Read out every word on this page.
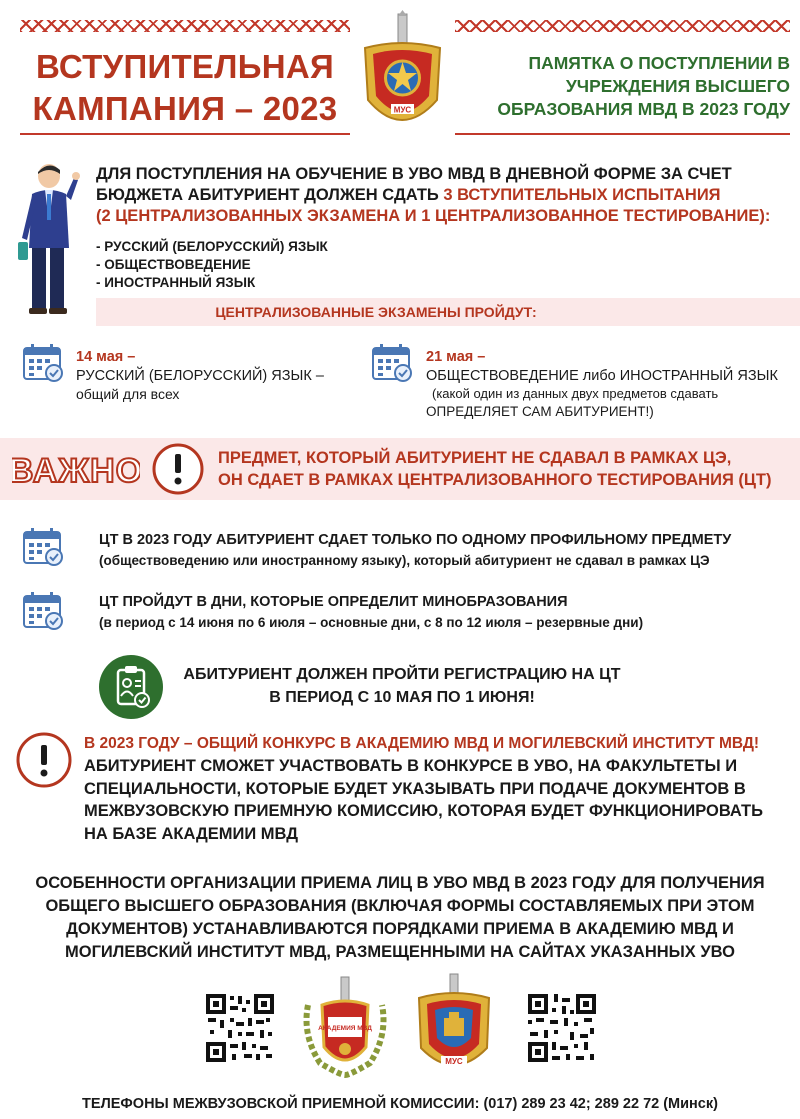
ВСТУПИТЕЛЬНАЯ
КАМПАНИЯ – 2023	МУС
ПАМЯТКА О ПОСТУПЛЕНИИ В
УЧРЕЖДЕНИЯ ВЫСШЕГО
ОБРАЗОВАНИЯ МВД В 2023 ГОДУ
ДЛЯ ПОСТУПЛЕНИЯ НА ОБУЧЕНИЕ В УВО МВД В ДНЕВНОЙ ФОРМЕ ЗА СЧЕТ
БЮДЖЕТА АБИТУРИЕНТ ДОЛЖЕН СДАТЬ 3 ВСТУПИТЕЛЬНЫХ ИСПЫТАНИЯ
(2 ЦЕНТРАЛИЗОВАННЫХ ЭКЗАМЕНА И 1 ЦЕНТРАЛИЗОВАННОЕ ТЕСТИРОВАНИЕ):
- РУССКИЙ (БЕЛОРУССКИЙ) ЯЗЫК
- ОБЩЕСТВОВЕДЕНИЕ
- ИНОСТРАННЫЙ ЯЗЫК
ЦЕНТРАЛИЗОВАННЫЕ ЭКЗАМЕНЫ ПРОЙДУТ:
14 мая –
РУССКИЙ (БЕЛОРУССКИЙ) ЯЗЫК –
общий для всех
21 мая –
ОБЩЕСТВОВЕДЕНИЕ либо ИНОСТРАННЫЙ ЯЗЫК
(какой один из данных двух предметов сдавать
ОПРЕДЕЛЯЕТ САМ АБИТУРИЕНТ!)
ВАЖНО	ПРЕДМЕТ, КОТОРЫЙ АБИТУРИЕНТ НЕ СДАВАЛ В РАМКАХ ЦЭ,
ОН СДАЕТ В РАМКАХ ЦЕНТРАЛИЗОВАННОГО ТЕСТИРОВАНИЯ (ЦТ)
ЦТ В 2023 ГОДУ АБИТУРИЕНТ СДАЕТ ТОЛЬКО ПО ОДНОМУ ПРОФИЛЬНОМУ ПРЕДМЕТУ
(обществоведению или иностранному языку), который абитуриент не сдавал в рамках ЦЭ
ЦТ ПРОЙДУТ В ДНИ, КОТОРЫЕ ОПРЕДЕЛИТ МИНОБРАЗОВАНИЯ
(в период с 14 июня по 6 июля – основные дни, с 8 по 12 июля – резервные дни)
АБИТУРИЕНТ ДОЛЖЕН ПРОЙТИ РЕГИСТРАЦИЮ НА ЦТ
В ПЕРИОД С 10 МАЯ ПО 1 ИЮНЯ!
В 2023 ГОДУ – ОБЩИЙ КОНКУРС В АКАДЕМИЮ МВД И МОГИЛЕВСКИЙ ИНСТИТУТ МВД!
АБИТУРИЕНТ СМОЖЕТ УЧАСТВОВАТЬ В КОНКУРСЕ В УВО, НА ФАКУЛЬТЕТЫ И
СПЕЦИАЛЬНОСТИ, КОТОРЫЕ БУДЕТ УКАЗЫВАТЬ ПРИ ПОДАЧЕ ДОКУМЕНТОВ В
МЕЖВУЗОВСКУЮ ПРИЕМНУЮ КОМИССИЮ, КОТОРАЯ БУДЕТ ФУНКЦИОНИРОВАТЬ
НА БАЗЕ АКАДЕМИИ МВД
ОСОБЕННОСТИ ОРГАНИЗАЦИИ ПРИЕМА ЛИЦ В УВО МВД В 2023 ГОДУ ДЛЯ ПОЛУЧЕНИЯ
ОБЩЕГО ВЫСШЕГО ОБРАЗОВАНИЯ (ВКЛЮЧАЯ ФОРМЫ СОСТАВЛЯЕМЫХ ПРИ ЭТОМ
ДОКУМЕНТОВ) УСТАНАВЛИВАЮТСЯ ПОРЯДКАМИ ПРИЕМА В АКАДЕМИЮ МВД И
МОГИЛЕВСКИЙ ИНСТИТУТ МВД, РАЗМЕЩЕННЫМИ НА САЙТАХ УКАЗАННЫХ УВО
АКАДЕМИЯ МВД
МУС
ТЕЛЕФОНЫ МЕЖВУЗОВСКОЙ ПРИЕМНОЙ КОМИССИИ: (017) 289 23 42; 289 22 72 (Минск)
